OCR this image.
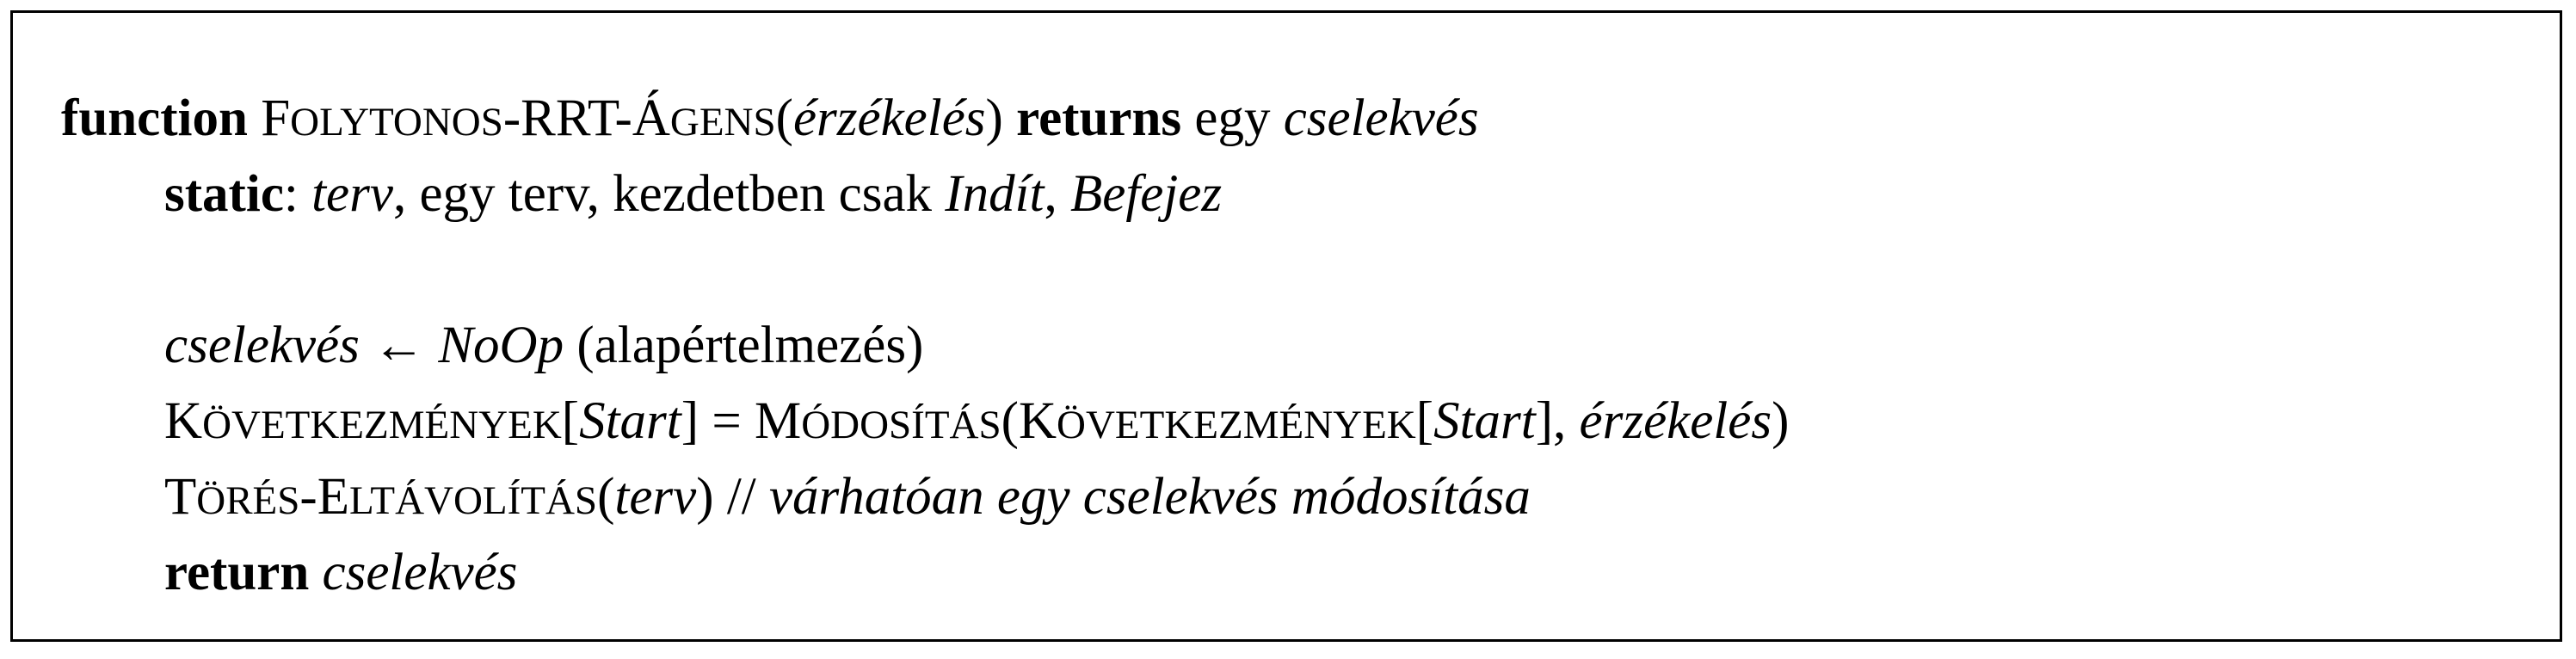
function FOLYTONOS-RRT-ÁGENS(érzékelés) returns egy cselekvés
static: terv, egy terv, kezdetben csak Indít, Befejez
cselekvés ← NoOp (alapértelmezés)
KÖVETKEZMÉNYEK[Start] = MÓDOSÍTÁS(KÖVETKEZMÉNYEK[Start], érzékelés)
TÖRÉS-ELTÁVOLÍTÁS(terv) // várhatóan egy cselekvés módosítása
return cselekvés
